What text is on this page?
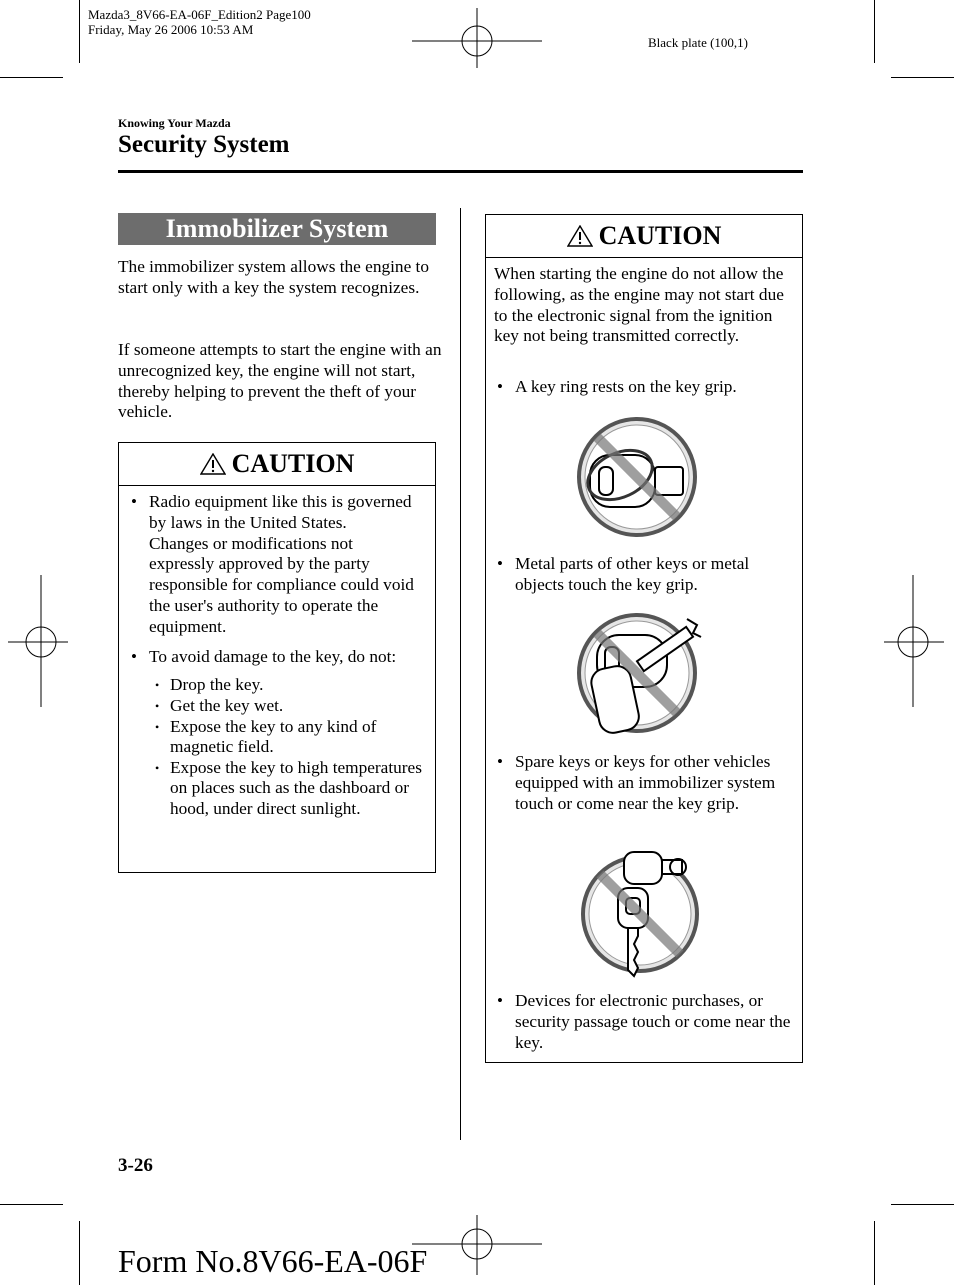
Mazda3_8V66-EA-06F_Edition2 Page100
Friday, May 26 2006 10:53 AM
Black plate (100,1)
Knowing Your Mazda
Security System
Immobilizer System
The immobilizer system allows the engine to start only with a key the system recognizes.
If someone attempts to start the engine with an unrecognized key, the engine will not start, thereby helping to prevent the theft of your vehicle.
CAUTION
• Radio equipment like this is governed by laws in the United States.
Changes or modifications not expressly approved by the party responsible for compliance could void the user's authority to operate the equipment.
• To avoid damage to the key, do not:
• Drop the key.
• Get the key wet.
• Expose the key to any kind of magnetic field.
• Expose the key to high temperatures on places such as the dashboard or hood, under direct sunlight.
CAUTION
When starting the engine do not allow the following, as the engine may not start due to the electronic signal from the ignition key not being transmitted correctly.
• A key ring rests on the key grip.
• Metal parts of other keys or metal objects touch the key grip.
• Spare keys or keys for other vehicles equipped with an immobilizer system touch or come near the key grip.
• Devices for electronic purchases, or security passage touch or come near the key.
3-26
Form No.8V66-EA-06F
